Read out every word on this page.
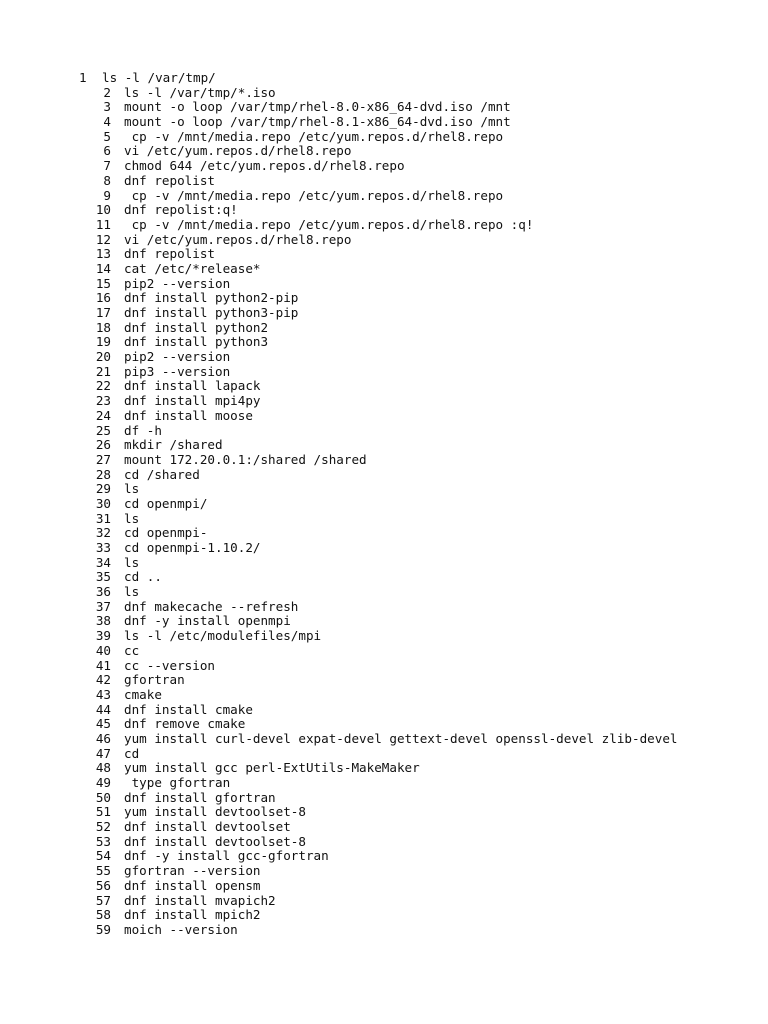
1 ls -l /var/tmp/
2 ls -l /var/tmp/*.iso
3 mount -o loop /var/tmp/rhel-8.0-x86_64-dvd.iso /mnt
4 mount -o loop /var/tmp/rhel-8.1-x86_64-dvd.iso /mnt
5 cp -v /mnt/media.repo /etc/yum.repos.d/rhel8.repo
6 vi /etc/yum.repos.d/rhel8.repo
7 chmod 644 /etc/yum.repos.d/rhel8.repo
8 dnf repolist
9 cp -v /mnt/media.repo /etc/yum.repos.d/rhel8.repo
10 dnf repolist:q!
11 cp -v /mnt/media.repo /etc/yum.repos.d/rhel8.repo :q!
12 vi /etc/yum.repos.d/rhel8.repo
13 dnf repolist
14 cat /etc/*release*
15 pip2 --version
16 dnf install python2-pip
17 dnf install python3-pip
18 dnf install python2
19 dnf install python3
20 pip2 --version
21 pip3 --version
22 dnf install lapack
23 dnf install mpi4py
24 dnf install moose
25 df -h
26 mkdir /shared
27 mount 172.20.0.1:/shared /shared
28 cd /shared
29 ls
30 cd openmpi/
31 ls
32 cd openmpi-
33 cd openmpi-1.10.2/
34 ls
35 cd ..
36 ls
37 dnf makecache --refresh
38 dnf -y install openmpi
39 ls -l /etc/modulefiles/mpi
40 cc
41 cc --version
42 gfortran
43 cmake
44 dnf install cmake
45 dnf remove cmake
46 yum install curl-devel expat-devel gettext-devel openssl-devel zlib-devel
47 cd
48 yum install gcc perl-ExtUtils-MakeMaker
49 type gfortran
50 dnf install gfortran
51 yum install devtoolset-8
52 dnf install devtoolset
53 dnf install devtoolset-8
54 dnf -y install gcc-gfortran
55 gfortran --version
56 dnf install opensm
57 dnf install mvapich2
58 dnf install mpich2
59 moich --version
